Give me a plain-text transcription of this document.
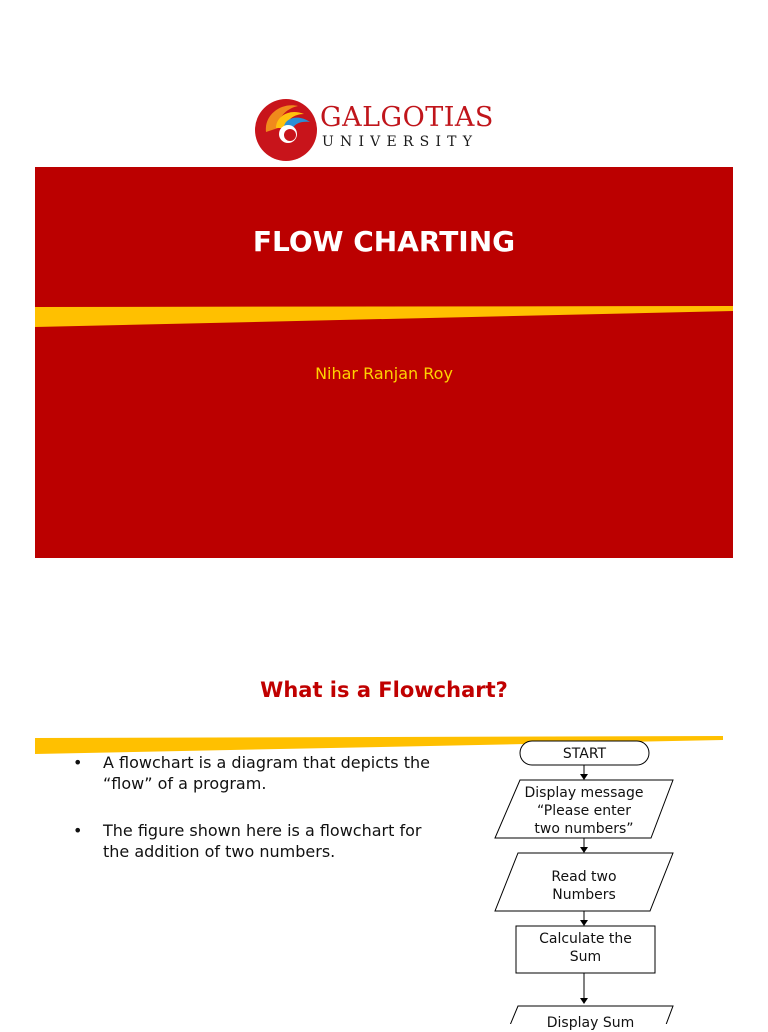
GALGOTIAS
UNIVERSITY
FLOW CHARTING
Nihar Ranjan Roy
What is a Flowchart?
• A flowchart is a diagram that depicts the “flow” of a program.
• The figure shown here is a flowchart for the addition of two numbers.
START
Display message
“Please enter
two numbers”
Read two
Numbers
Calculate the
Sum
Display Sum
